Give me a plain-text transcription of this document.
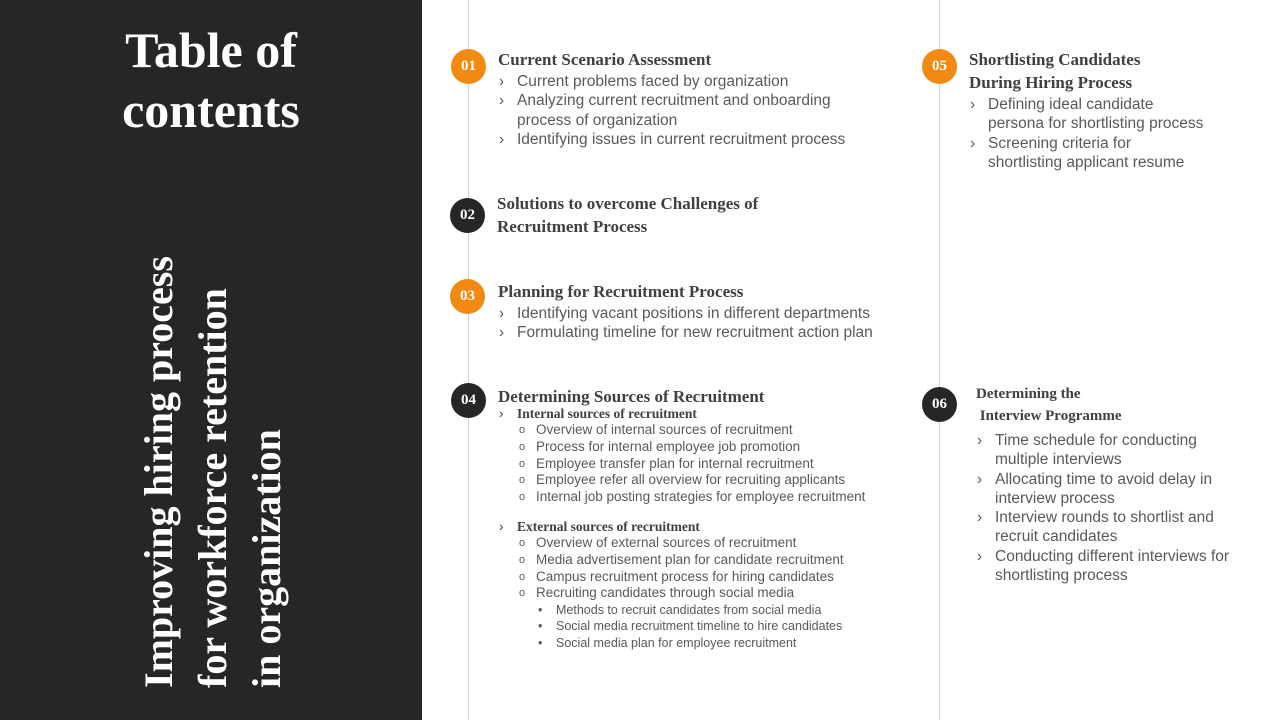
Table of
contents
Improving hiring process for workforce retention in organization
01	Current Scenario Assessment
› Current problems faced by organization
› Analyzing current recruitment and onboarding
process of organization
› Identifying issues in current recruitment process
02
Solutions to overcome Challenges of
Recruitment Process
03	Planning for Recruitment Process
› Identifying vacant positions in different departments
› Formulating timeline for new recruitment action plan
04	Determining Sources of Recruitment
› Internal sources of recruitment
o Overview of internal sources of recruitment
o Process for internal employee job promotion
o Employee transfer plan for internal recruitment
o Employee refer all overview for recruiting applicants
o Internal job posting strategies for employee recruitment
› External sources of recruitment
o Overview of external sources of recruitment
o Media advertisement plan for candidate recruitment
o Campus recruitment process for hiring candidates
o Recruiting candidates through social media
• Methods to recruit candidates from social media
• Social media recruitment timeline to hire candidates
• Social media plan for employee recruitment
05	Shortlisting Candidates
During Hiring Process
› Defining ideal candidate
persona for shortlisting process
› Screening criteria for
shortlisting applicant resume
06
Determining the
Interview Programme
› Time schedule for conducting
multiple interviews
› Allocating time to avoid delay in
interview process
› Interview rounds to shortlist and
recruit candidates
› Conducting different interviews for
shortlisting process
